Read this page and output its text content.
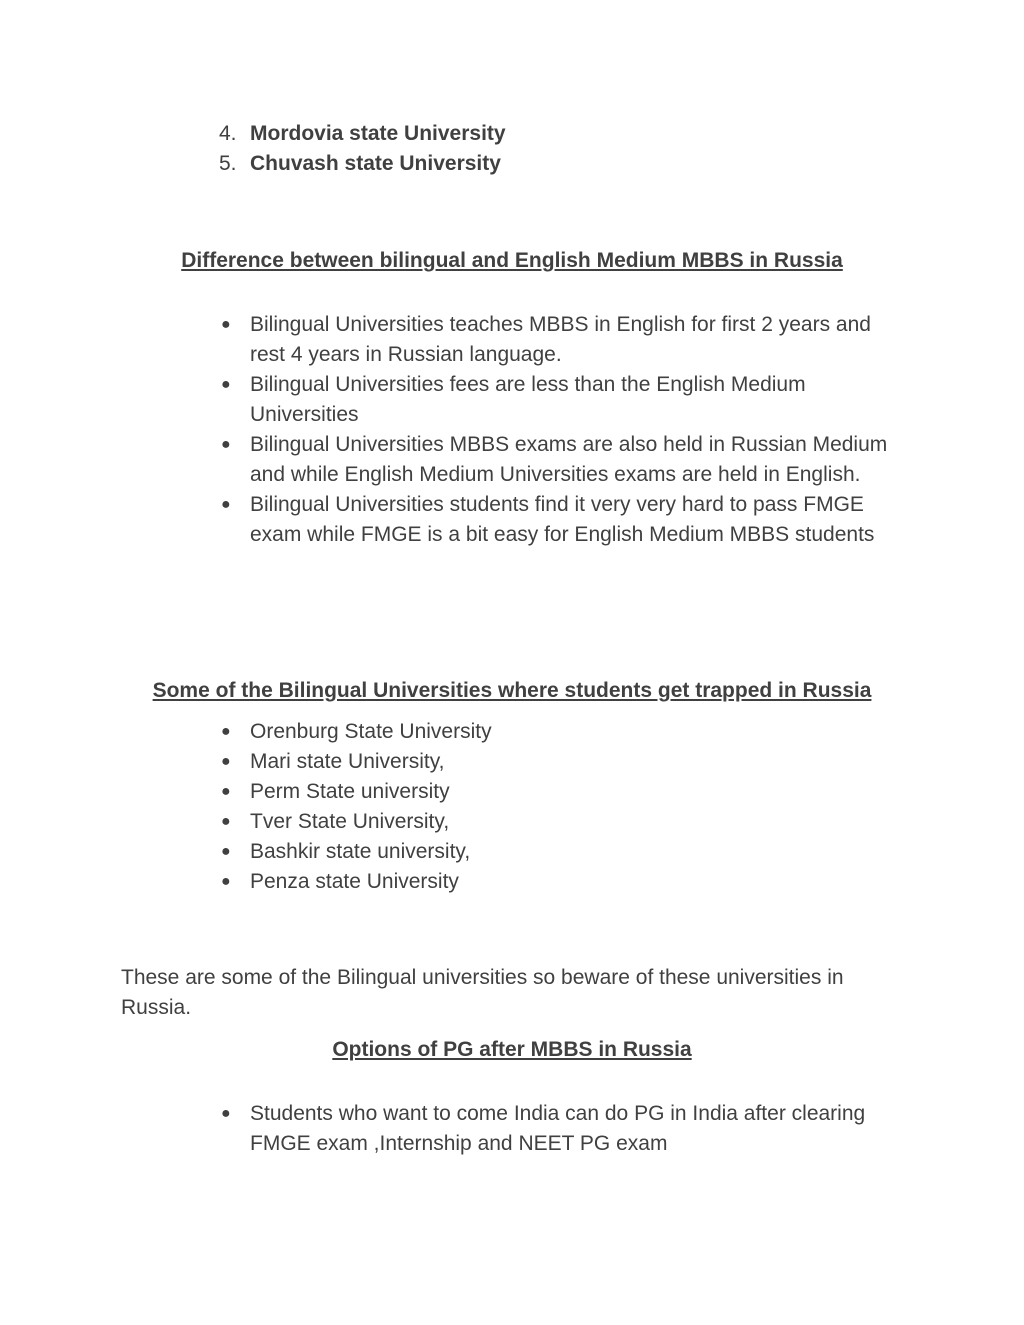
4. Mordovia state University
5. Chuvash state University
Difference between bilingual and English Medium MBBS in Russia
● Bilingual Universities teaches MBBS in English for first 2 years and rest 4 years in Russian language.
● Bilingual Universities fees are less than the English Medium Universities
● Bilingual Universities MBBS exams are also held in Russian Medium and while English Medium Universities exams are held in English.
● Bilingual Universities students find it very very hard to pass FMGE exam while FMGE is a bit easy for English Medium MBBS students
Some of the Bilingual Universities where students get trapped in Russia
● Orenburg State University
● Mari state University,
● Perm State university
● Tver State University,
● Bashkir state university,
● Penza state University

These are some of the Bilingual universities so beware of these universities in Russia.

Options of PG after MBBS in Russia
● Students who want to come India can do PG in India after clearing FMGE exam ,Internship and NEET PG exam
